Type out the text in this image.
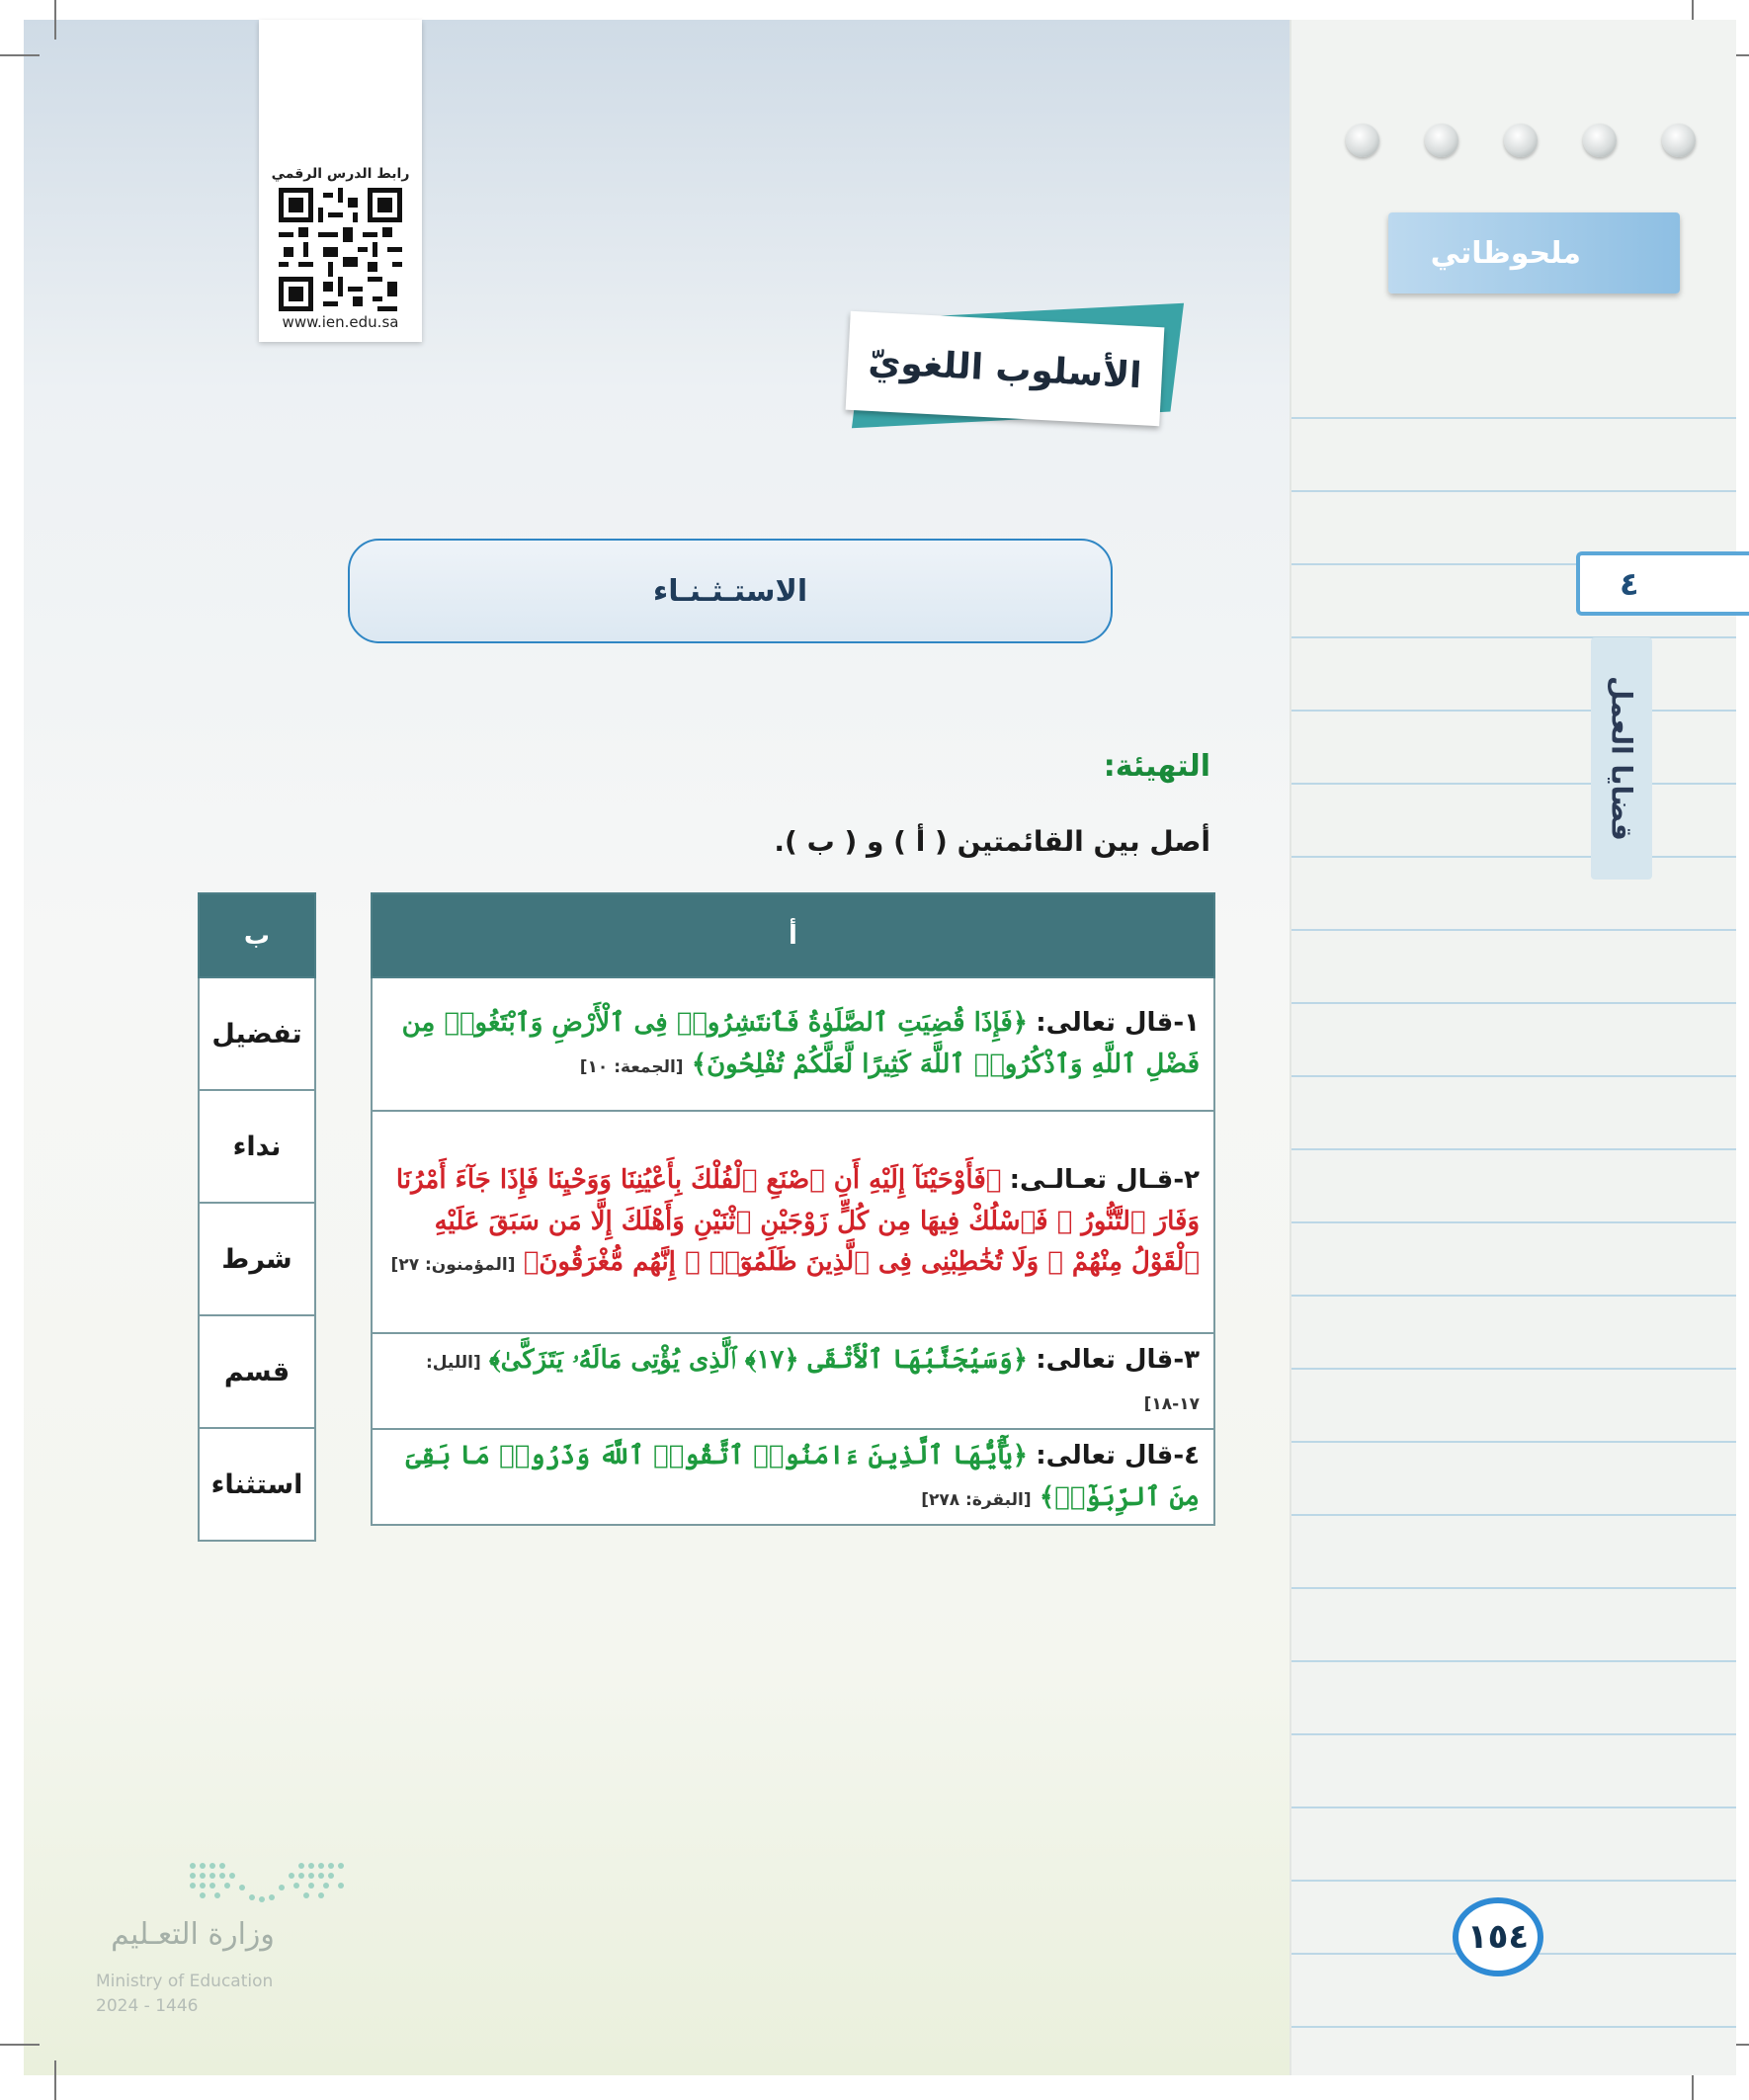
ملحوظاتي
٤
قضايا العمل
١٥٤
رابط الدرس الرقمي
www.ien.edu.sa
الأسلوب اللغويّ
الاستـثـنـاء
التهيئة:
أصل بين القائمتين ( أ ) و ( ب ).
أ
١-قال تعالى: ﴿فَإِذَا قُضِيَتِ ٱلصَّلَوٰةُ فَٱنتَشِرُوا۟ فِى ٱلْأَرْضِ وَٱبْتَغُوا۟ مِن فَضْلِ ٱللَّهِ وَٱذْكُرُوا۟ ٱللَّهَ كَثِيرًا لَّعَلَّكُمْ تُفْلِحُونَ﴾ [الجمعة: ١٠]
٢-قـال تعـالـى: ﴿فَأَوْحَيْنَآ إِلَيْهِ أَنِ ٱصْنَعِ ٱلْفُلْكَ بِأَعْيُنِنَا وَوَحْيِنَا فَإِذَا جَآءَ أَمْرُنَا وَفَارَ ٱلتَّنُّورُ ۙ فَٱسْلُكْ فِيهَا مِن كُلٍّ زَوْجَيْنِ ٱثْنَيْنِ وَأَهْلَكَ إِلَّا مَن سَبَقَ عَلَيْهِ ٱلْقَوْلُ مِنْهُمْ ۖ وَلَا تُخَٰطِبْنِى فِى ٱلَّذِينَ ظَلَمُوٓا۟ ۖ إِنَّهُم مُّغْرَقُونَ﴾ [المؤمنون: ٢٧]
٣-قال تعالى: ﴿وَسَيُجَنَّبُهَا ٱلْأَتْقَى ﴿١٧﴾ ٱلَّذِى يُؤْتِى مَالَهُۥ يَتَزَكَّىٰ﴾ [الليل: ١٧-١٨]
٤-قال تعالى: ﴿يَٰٓأَيُّهَا ٱلَّذِينَ ءَامَنُوا۟ ٱتَّقُوا۟ ٱللَّهَ وَذَرُوا۟ مَا بَقِىَ مِنَ ٱلرِّبَوٰٓا۟﴾ [البقرة: ٢٧٨]
ب
تفضيل
نداء
شرط
قسم
استثناء
وزارة التعـليم
Ministry of Education
2024 - 1446
